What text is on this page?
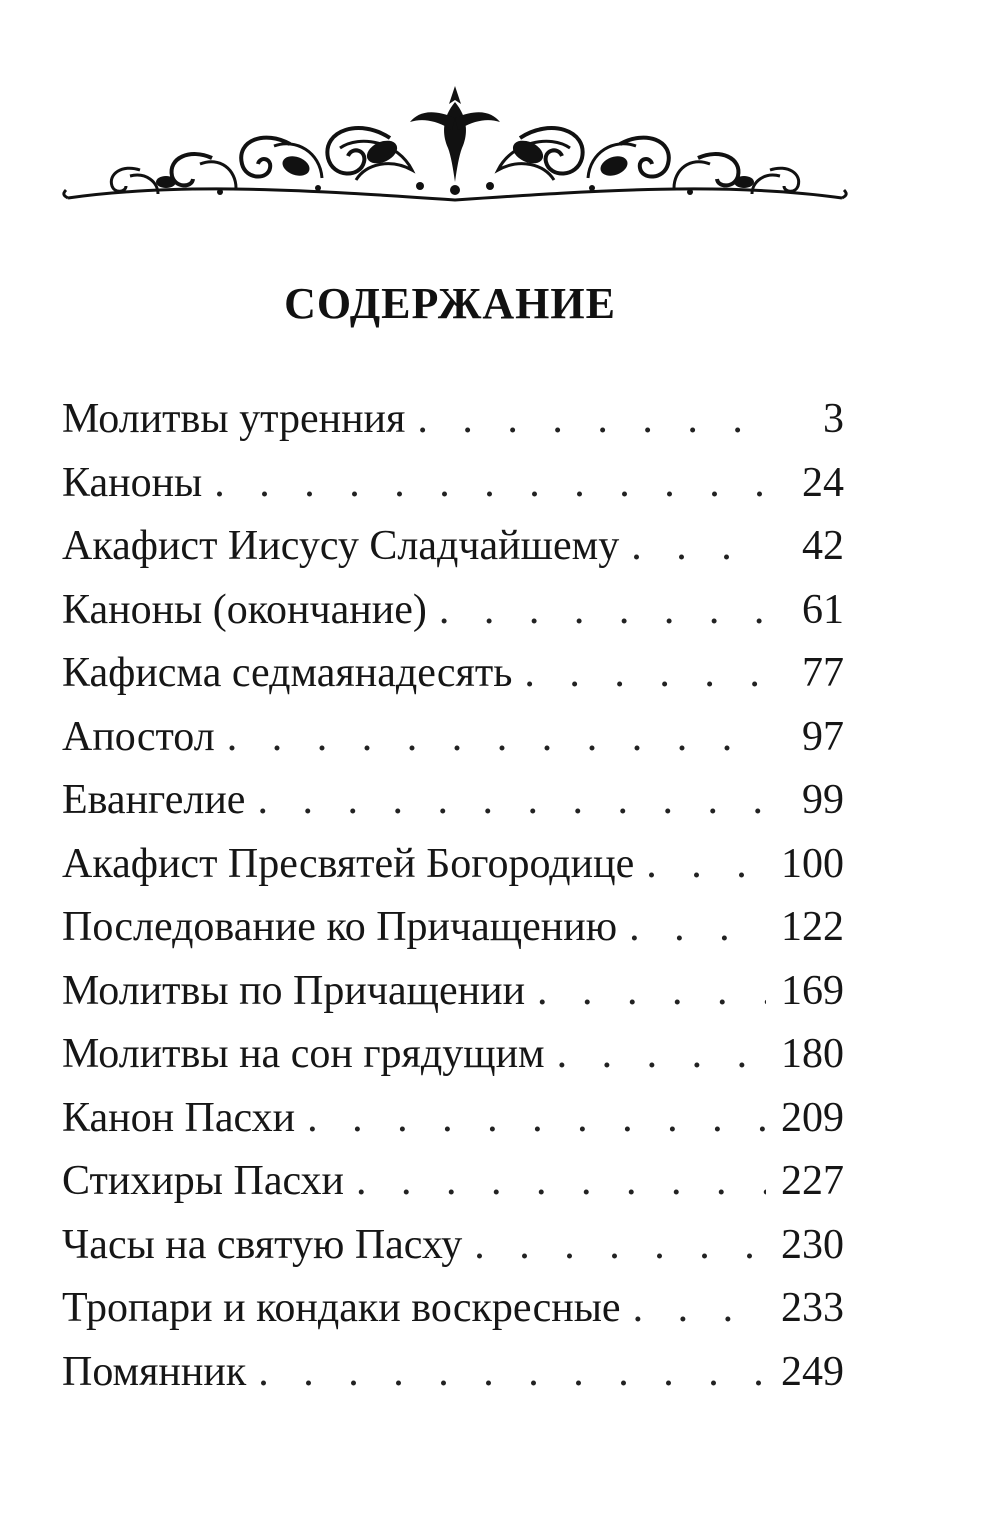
СОДЕРЖАНИЕ
Молитвы утренния . . .	3
Каноны . . .	24
Акафист Иисусу Сладчайшему . . .	42
Каноны (окончание) . . .	61
Кафисма седмаянадесять . . .	77
Апостол . . .	97
Евангелие . . .	99
Акафист Пресвятей Богородице . . .	100
Последование ко Причащению . . .	122
Молитвы по Причащении . . .	169
Молитвы на сон грядущим . . .	180
Канон Пасхи . . .	209
Стихиры Пасхи . . .	227
Часы на святую Пасху . . .	230
Тропари и кондаки воскресные . . .	233
Помянник . . .	249
